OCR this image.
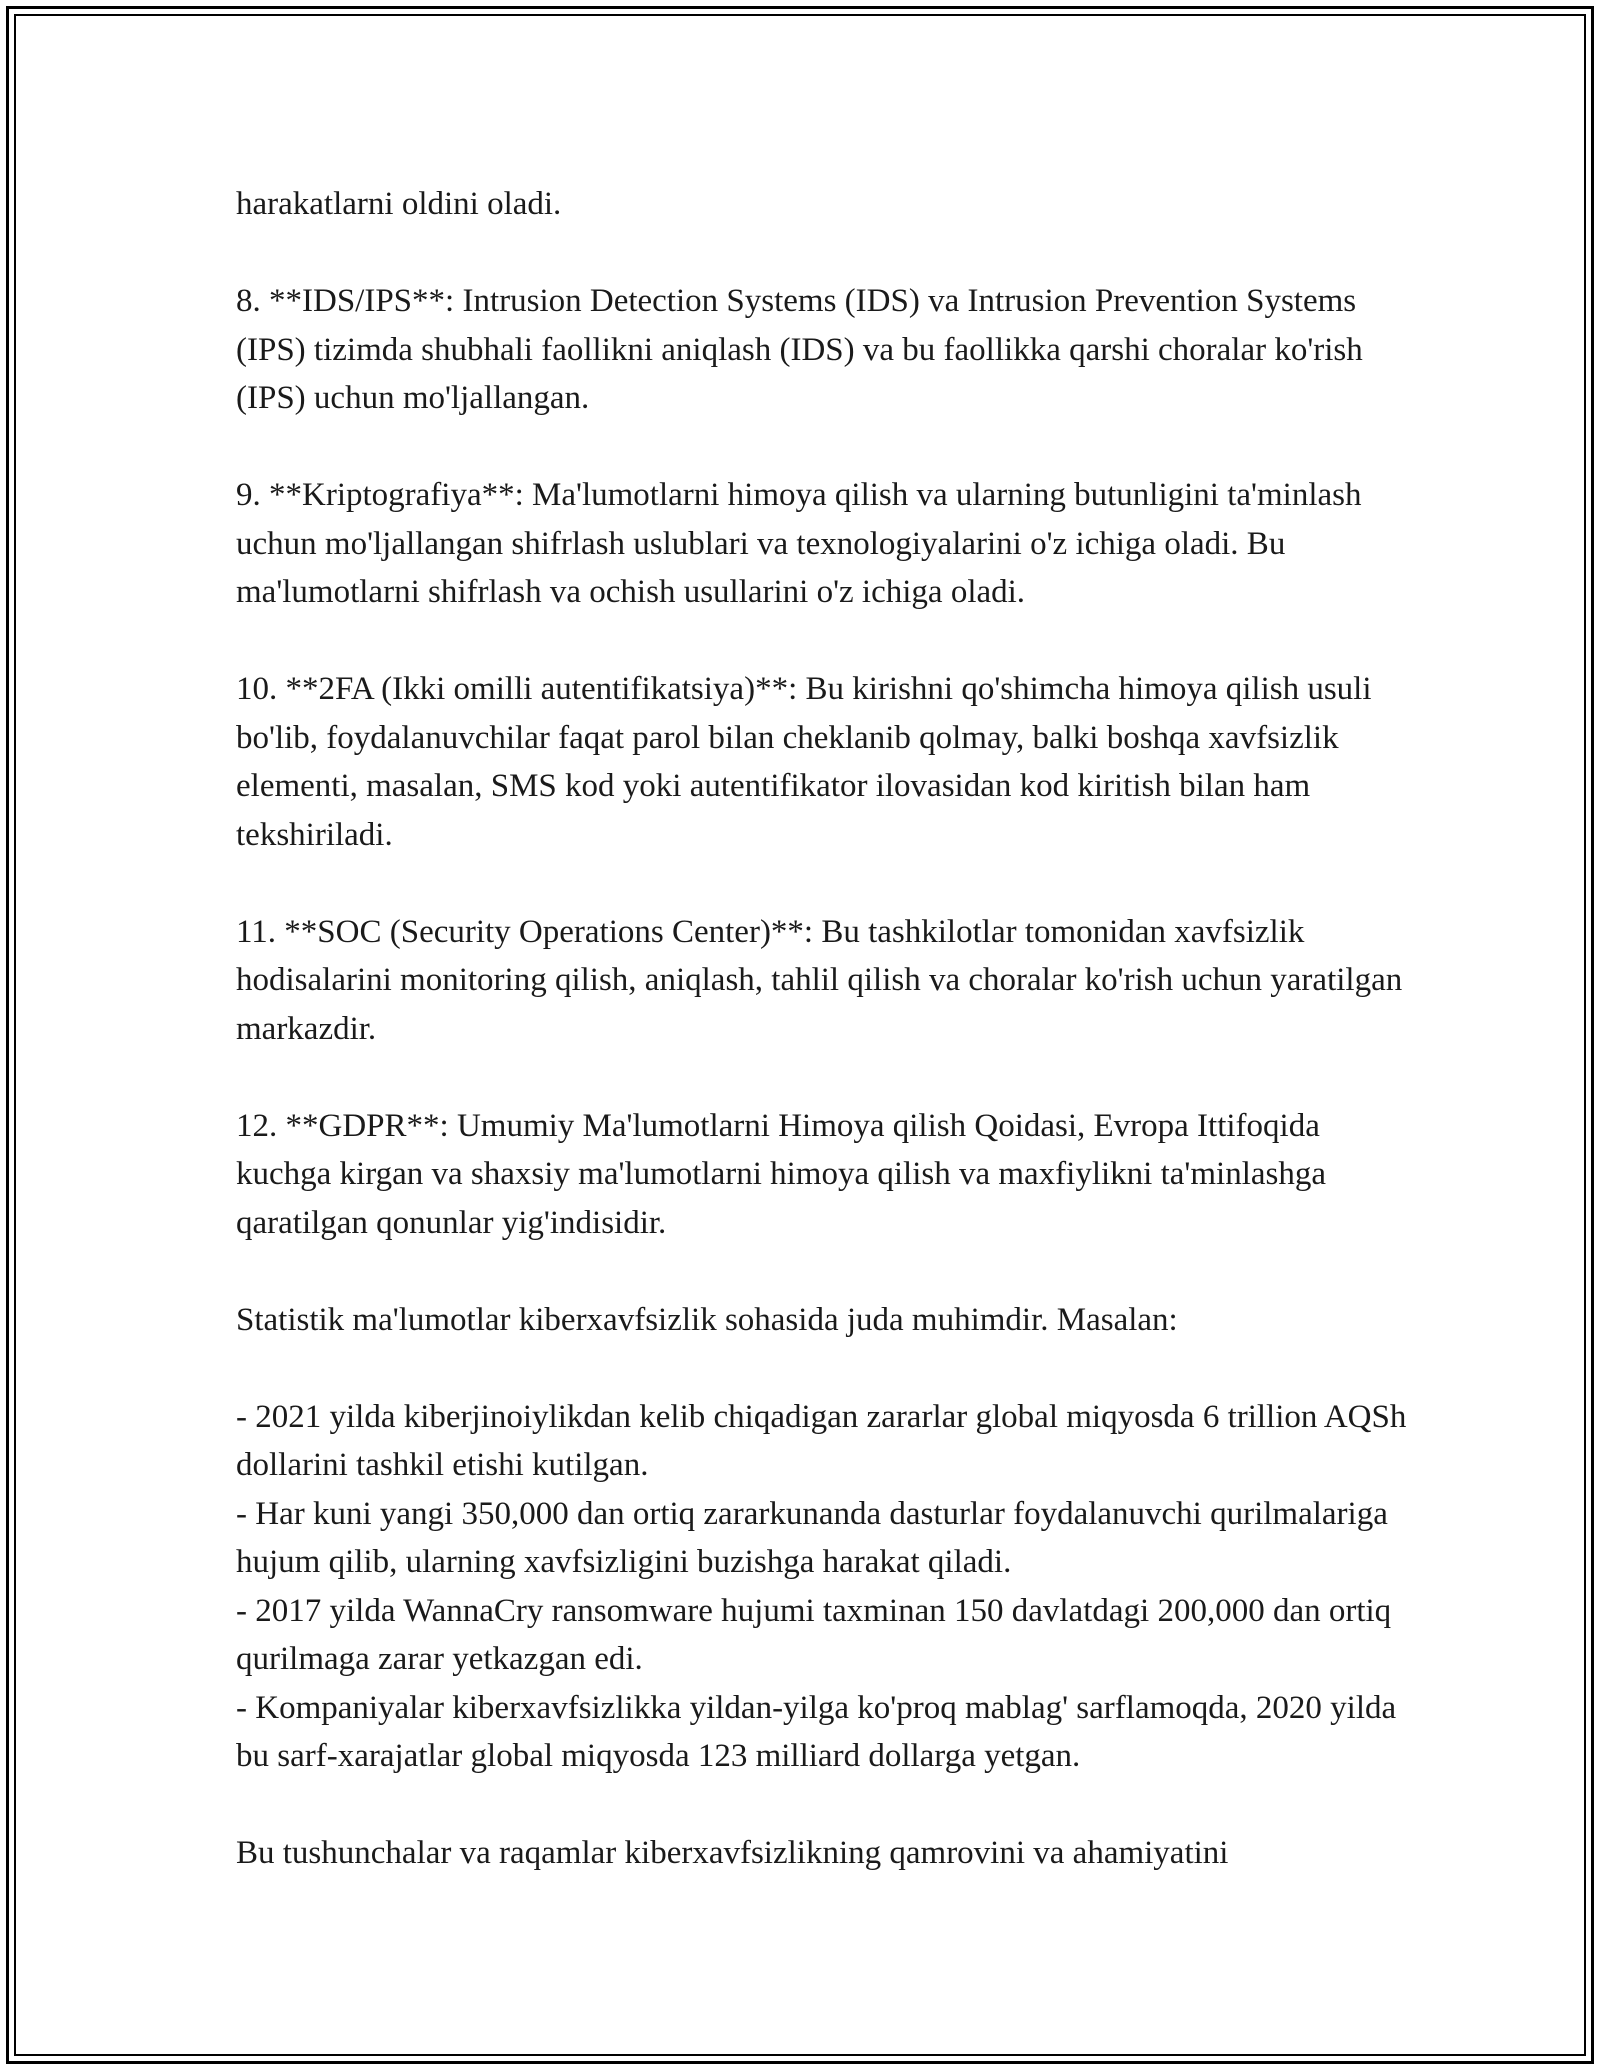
harakatlarni oldini oladi.

8. **IDS/IPS**: Intrusion Detection Systems (IDS) va Intrusion Prevention Systems (IPS) tizimda shubhali faollikni aniqlash (IDS) va bu faollikka qarshi choralar ko'rish (IPS) uchun mo'ljallangan.

9. **Kriptografiya**: Ma'lumotlarni himoya qilish va ularning butunligini ta'minlash uchun mo'ljallangan shifrlash uslublari va texnologiyalarini o'z ichiga oladi. Bu ma'lumotlarni shifrlash va ochish usullarini o'z ichiga oladi.

10. **2FA (Ikki omilli autentifikatsiya)**: Bu kirishni qo'shimcha himoya qilish usuli bo'lib, foydalanuvchilar faqat parol bilan cheklanib qolmay, balki boshqa xavfsizlik elementi, masalan, SMS kod yoki autentifikator ilovasidan kod kiritish bilan ham tekshiriladi.

11. **SOC (Security Operations Center)**: Bu tashkilotlar tomonidan xavfsizlik hodisalarini monitoring qilish, aniqlash, tahlil qilish va choralar ko'rish uchun yaratilgan markazdir.

12. **GDPR**: Umumiy Ma'lumotlarni Himoya qilish Qoidasi, Evropa Ittifoqida kuchga kirgan va shaxsiy ma'lumotlarni himoya qilish va maxfiylikni ta'minlashga qaratilgan qonunlar yig'indisidir.

Statistik ma'lumotlar kiberxavfsizlik sohasida juda muhimdir. Masalan:

- 2021 yilda kiberjinoiylikdan kelib chiqadigan zararlar global miqyosda 6 trillion AQSh dollarini tashkil etishi kutilgan.
- Har kuni yangi 350,000 dan ortiq zararkunanda dasturlar foydalanuvchi qurilmalariga hujum qilib, ularning xavfsizligini buzishga harakat qiladi.
- 2017 yilda WannaCry ransomware hujumi taxminan 150 davlatdagi 200,000 dan ortiq qurilmaga zarar yetkazgan edi.
- Kompaniyalar kiberxavfsizlikka yildan-yilga ko'proq mablag' sarflamoqda, 2020 yilda bu sarf-xarajatlar global miqyosda 123 milliard dollarga yetgan.

Bu tushunchalar va raqamlar kiberxavfsizlikning qamrovini va ahamiyatini
